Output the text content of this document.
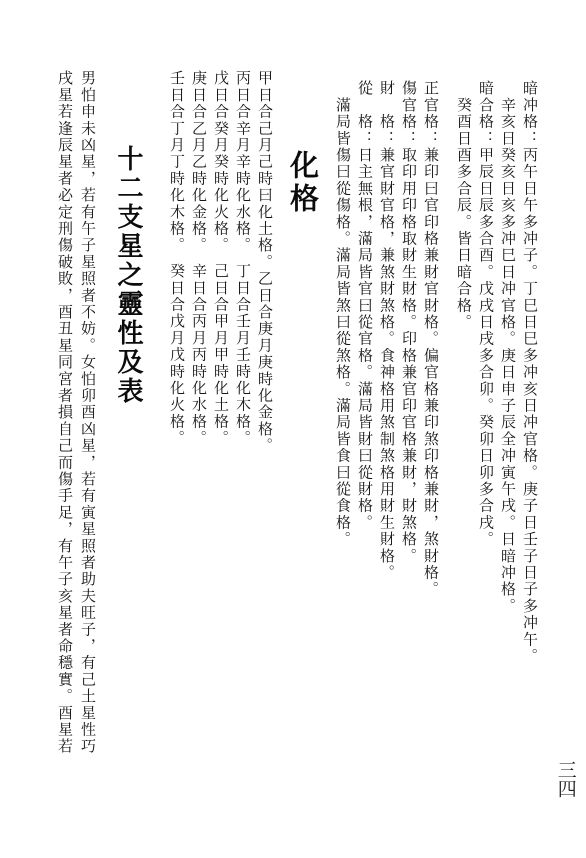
三四
暗冲格：丙午日午多冲子。丁巳日巳多冲亥日冲官格。庚子日壬子日子多冲午。
　辛亥日癸亥日亥多冲巳日冲官格。庚日申子辰全冲寅午戌。日暗冲格。
暗合格：甲辰日辰多合酉。戊戌日戌多合卯。癸卯日卯多合戌。
　癸酉日酉多合辰。皆日暗合格。
正官格：兼印曰官印格兼財官財格。偏官格兼印煞印格兼財，煞財格。
傷官格：取印用印格取財生財格。印格兼官印官格兼財，財煞格。
財　格：兼官財官格，兼煞財煞格。食神格用煞制煞格用財生財格。
從　格：日主無根，滿局皆官曰從官格。滿局皆財曰從財格。
　滿局皆傷曰從傷格。滿局皆煞曰從煞格。滿局皆食曰從食格。
化格
甲日合己月己時曰化土格。乙日合庚月庚時化金格。
丙日合辛月辛時化水格。　丁日合壬月壬時化木格。
戊日合癸月癸時化火格。　己日合甲月甲時化土格。
庚日合乙月乙時化金格。　辛日合丙月丙時化水格。
壬日合丁月丁時化木格。　癸日合戊月戊時化火格。
十二支星之靈性及表
男怕申未凶星，若有午子星照者不妨。女怕卯酉凶星，若有寅星照者助夫旺子，有己土星性巧
戌星若逢辰星者必定刑傷破敗，酉丑星同宮者損自己而傷手足，有午子亥星者命穩實。酉星若
